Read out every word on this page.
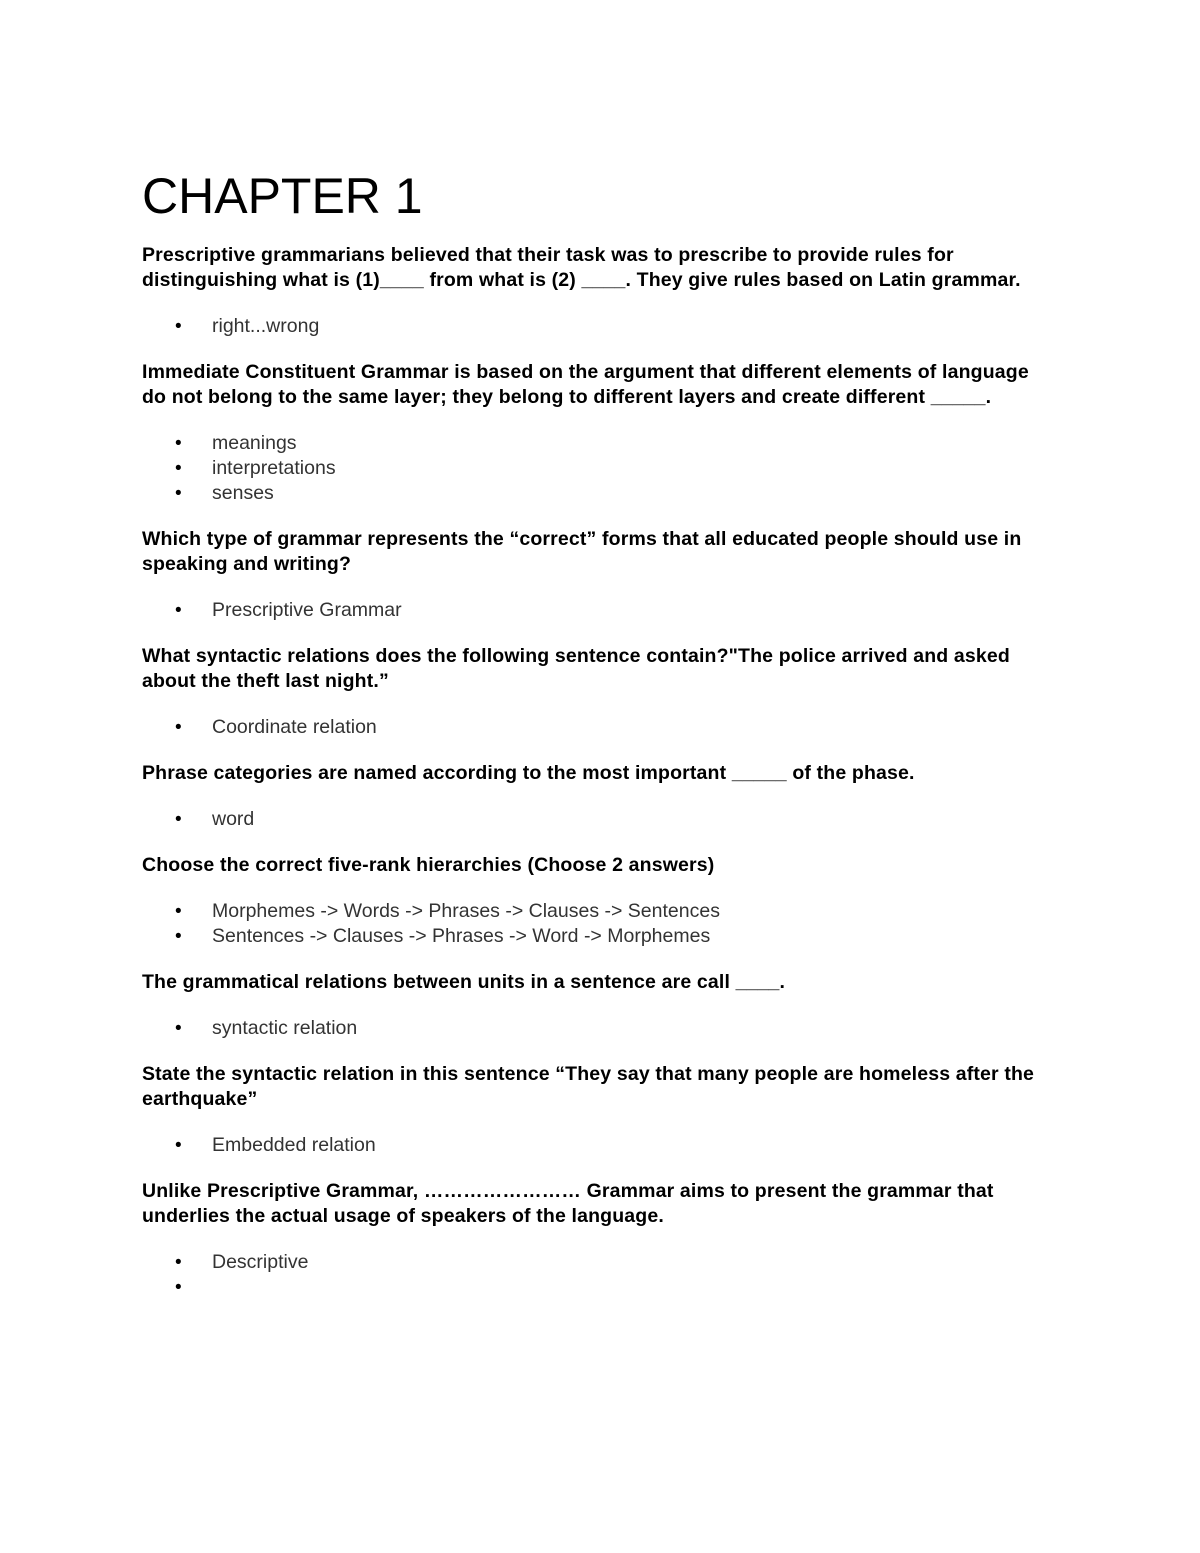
CHAPTER 1

Prescriptive grammarians believed that their task was to prescribe to provide rules for distinguishing what is (1)____ from what is (2) ____. They give rules based on Latin grammar.

• right...wrong

Immediate Constituent Grammar is based on the argument that different elements of language do not belong to the same layer; they belong to different layers and create different _____.

• meanings
• interpretations
• senses

Which type of grammar represents the “correct” forms that all educated people should use in speaking and writing?

• Prescriptive Grammar

What syntactic relations does the following sentence contain?"The police arrived and asked about the theft last night.”

• Coordinate relation

Phrase categories are named according to the most important _____ of the phase.

• word

Choose the correct five-rank hierarchies (Choose 2 answers)

• Morphemes -> Words -> Phrases -> Clauses -> Sentences
• Sentences -> Clauses -> Phrases -> Word -> Morphemes

The grammatical relations between units in a sentence are call ____.

• syntactic relation

State the syntactic relation in this sentence “They say that many people are homeless after the earthquake”

• Embedded relation

Unlike Prescriptive Grammar, …………………… Grammar aims to present the grammar that underlies the actual usage of speakers of the language.

• Descriptive
•
